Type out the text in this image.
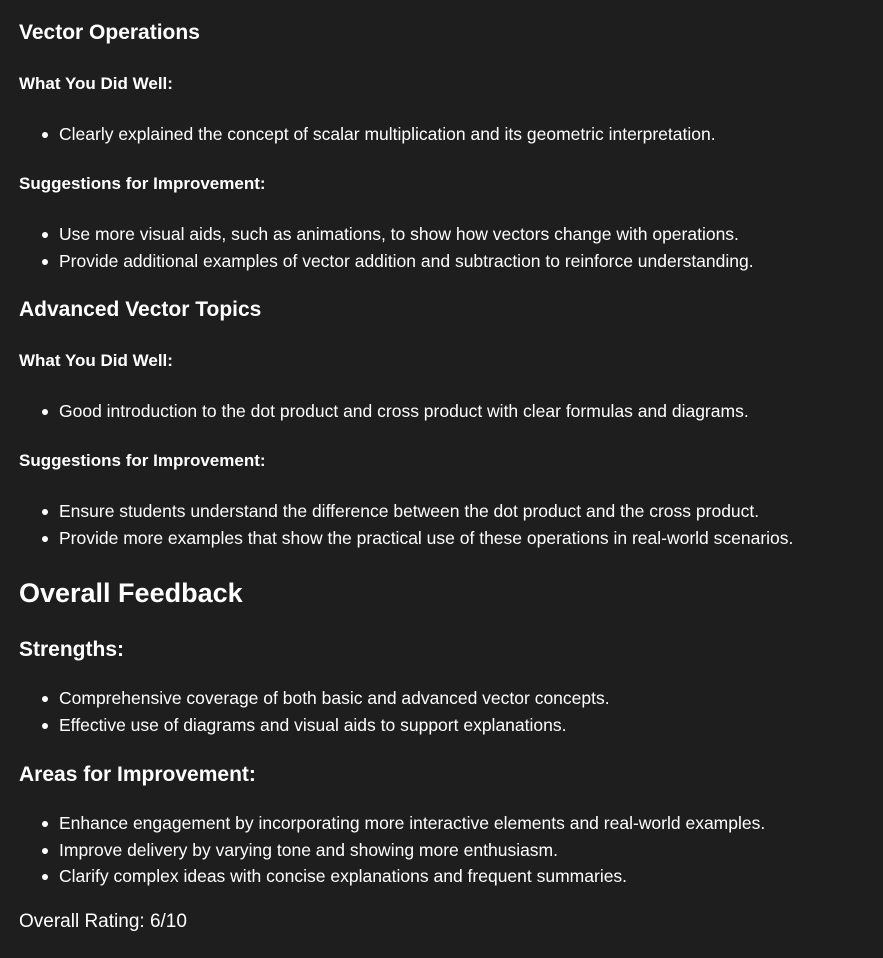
Vector Operations
What You Did Well:
Clearly explained the concept of scalar multiplication and its geometric interpretation.
Suggestions for Improvement:
Use more visual aids, such as animations, to show how vectors change with operations.
Provide additional examples of vector addition and subtraction to reinforce understanding.
Advanced Vector Topics
What You Did Well:
Good introduction to the dot product and cross product with clear formulas and diagrams.
Suggestions for Improvement:
Ensure students understand the difference between the dot product and the cross product.
Provide more examples that show the practical use of these operations in real-world scenarios.
Overall Feedback
Strengths:
Comprehensive coverage of both basic and advanced vector concepts.
Effective use of diagrams and visual aids to support explanations.
Areas for Improvement:
Enhance engagement by incorporating more interactive elements and real-world examples.
Improve delivery by varying tone and showing more enthusiasm.
Clarify complex ideas with concise explanations and frequent summaries.

Overall Rating: 6/10
